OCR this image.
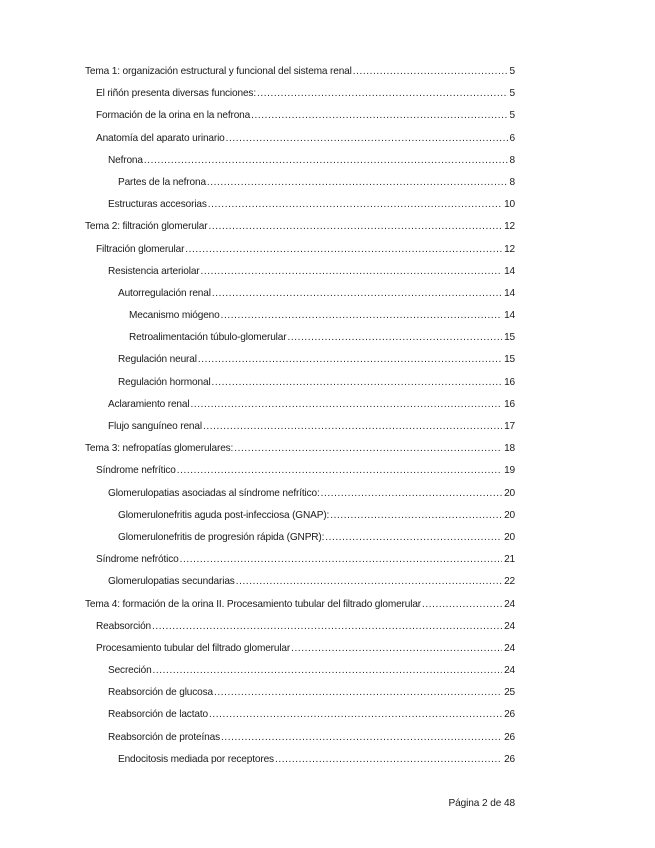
Tema 1: organización estructural y funcional del sistema renal .....	5
El riñón presenta diversas funciones: .....	5
Formación de la orina en la nefrona .....	5
Anatomía del aparato urinario .....	6
Nefrona .....	8
Partes de la nefrona .....	8
Estructuras accesorias .....	10
Tema 2: filtración glomerular .....	12
Filtración glomerular .....	12
Resistencia arteriolar .....	14
Autorregulación renal .....	14
Mecanismo miógeno .....	14
Retroalimentación túbulo-glomerular .....	15
Regulación neural .....	15
Regulación hormonal .....	16
Aclaramiento renal .....	16
Flujo sanguíneo renal .....	17
Tema 3: nefropatías glomerulares: .....	18
Síndrome nefrítico .....	19
Glomerulopatias asociadas al síndrome nefrítico: .....	20
Glomerulonefritis aguda post-infecciosa (GNAP): .....	20
Glomerulonefritis de progresión rápida (GNPR): .....	20
Síndrome nefrótico .....	21
Glomerulopatias secundarias .....	22
Tema 4: formación de la orina II. Procesamiento tubular del filtrado glomerular .....	24
Reabsorción .....	24
Procesamiento tubular del filtrado glomerular .....	24
Secreción .....	24
Reabsorción de glucosa .....	25
Reabsorción de lactato .....	26
Reabsorción de proteínas .....	26
Endocitosis mediada por receptores .....	26
Página 2 de 48
